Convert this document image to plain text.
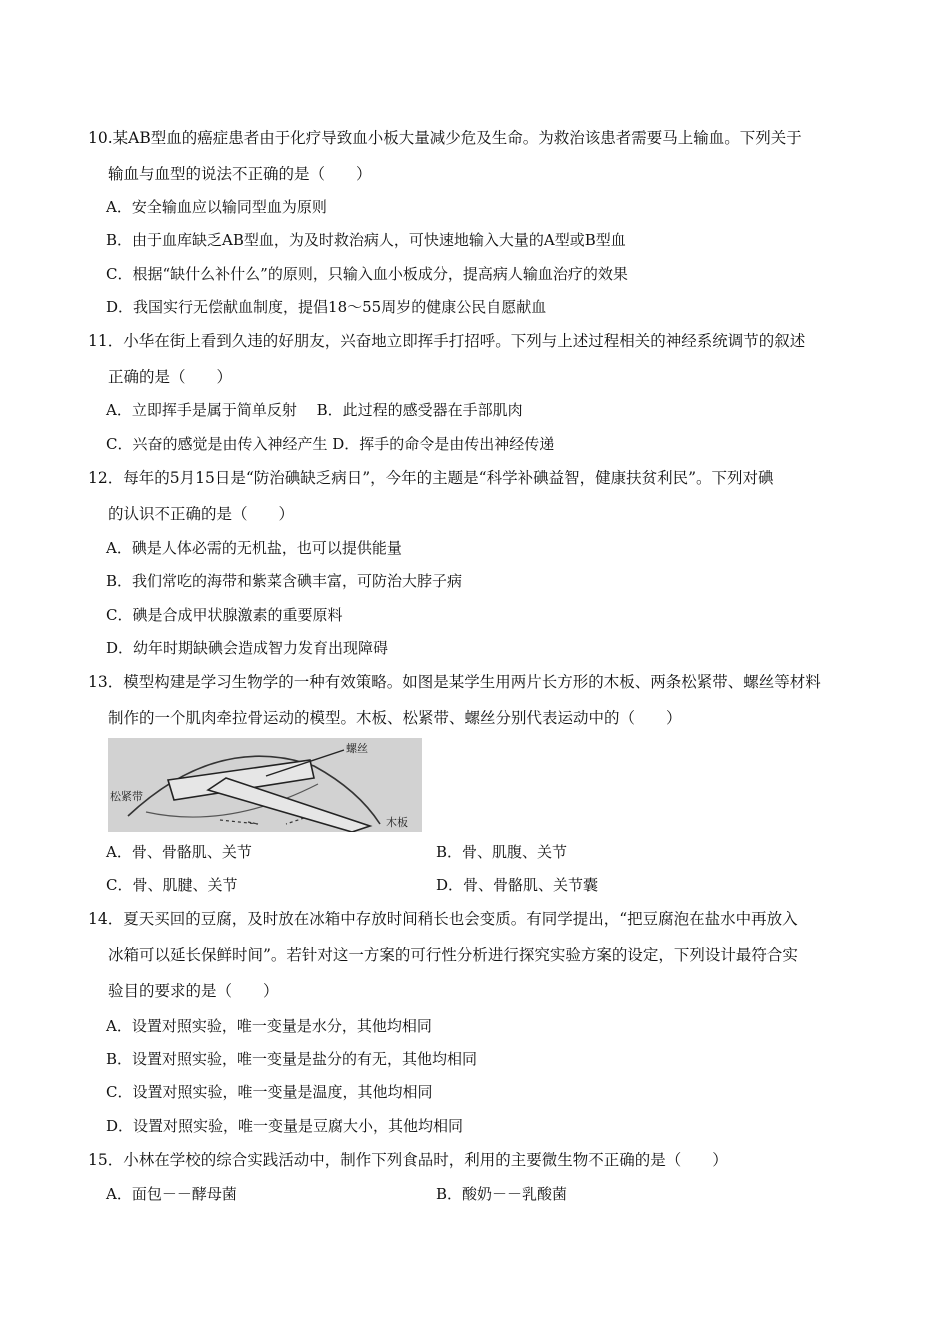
10.某AB型血的癌症患者由于化疗导致血小板大量减少危及生命。为救治该患者需要马上输血。下列关于
输血与血型的说法不正确的是（　　）
A．安全输血应以输同型血为原则
B．由于血库缺乏AB型血，为及时救治病人，可快速地输入大量的A型或B型血
C．根据“缺什么补什么”的原则，只输入血小板成分，提高病人输血治疗的效果
D．我国实行无偿献血制度，提倡18～55周岁的健康公民自愿献血
11．小华在街上看到久违的好朋友，兴奋地立即挥手打招呼。下列与上述过程相关的神经系统调节的叙述
正确的是（　　）
A．立即挥手是属于简单反射　 B．此过程的感受器在手部肌肉
C．兴奋的感觉是由传入神经产生 D．挥手的命令是由传出神经传递
12．每年的5月15日是“防治碘缺乏病日”，今年的主题是“科学补碘益智，健康扶贫利民”。下列对碘
的认识不正确的是（　　）
A．碘是人体必需的无机盐，也可以提供能量
B．我们常吃的海带和紫菜含碘丰富，可防治大脖子病
C．碘是合成甲状腺激素的重要原料
D．幼年时期缺碘会造成智力发育出现障碍
13．模型构建是学习生物学的一种有效策略。如图是某学生用两片长方形的木板、两条松紧带、螺丝等材料
制作的一个肌肉牵拉骨运动的模型。木板、松紧带、螺丝分别代表运动中的（　　）
螺丝
松紧带
木板
A．骨、骨骼肌、关节	B．骨、肌腹、关节
C．骨、肌腱、关节	D．骨、骨骼肌、关节囊
14．夏天买回的豆腐，及时放在冰箱中存放时间稍长也会变质。有同学提出，“把豆腐泡在盐水中再放入
冰箱可以延长保鲜时间”。若针对这一方案的可行性分析进行探究实验方案的设定，下列设计最符合实
验目的要求的是（　　）
A．设置对照实验，唯一变量是水分，其他均相同
B．设置对照实验，唯一变量是盐分的有无，其他均相同
C．设置对照实验，唯一变量是温度，其他均相同
D．设置对照实验，唯一变量是豆腐大小，其他均相同
15．小林在学校的综合实践活动中，制作下列食品时，利用的主要微生物不正确的是（　　）
A．面包－－酵母菌	B．酸奶－－乳酸菌
